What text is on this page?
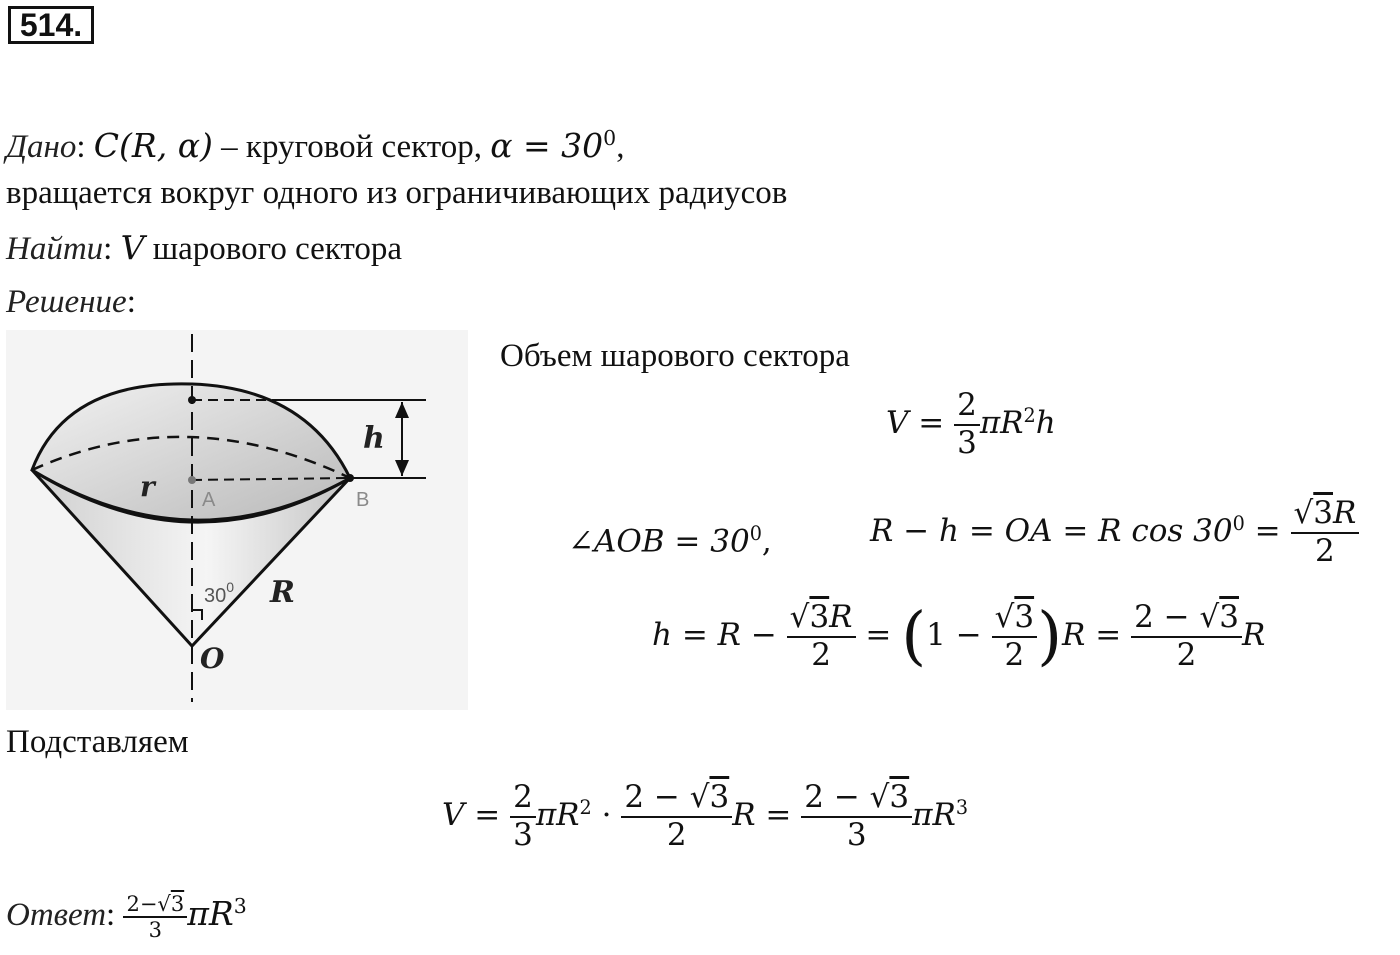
514.
Дано: C(R, α) – круговой сектор, $\alpha = 30^0$,
вращается вокруг одного из ограничивающих радиусов
Найти: V шарового сектора
Решение:
h
r A	B
$30^0$ R
O
Объем шарового сектора
$V = \frac{2}{3} \pi R^2h$
∠AOB = $30^0$,	R − h = OA = R $\cos 30^0 = \frac{√3R}{2}$
$h = R - \frac{√3R}{2} = (1 - \frac{√3}{2} )R = \frac{2 - √3}{2}$ R
Подставляем
$V = \frac{2}{3} \pi R^2 \cdot \frac{2 - √3}{2}$ $R = \frac{2 - √3}{3} \pi R^3$
Ответ: $\frac{2-√3}{3} \pi R^3$
